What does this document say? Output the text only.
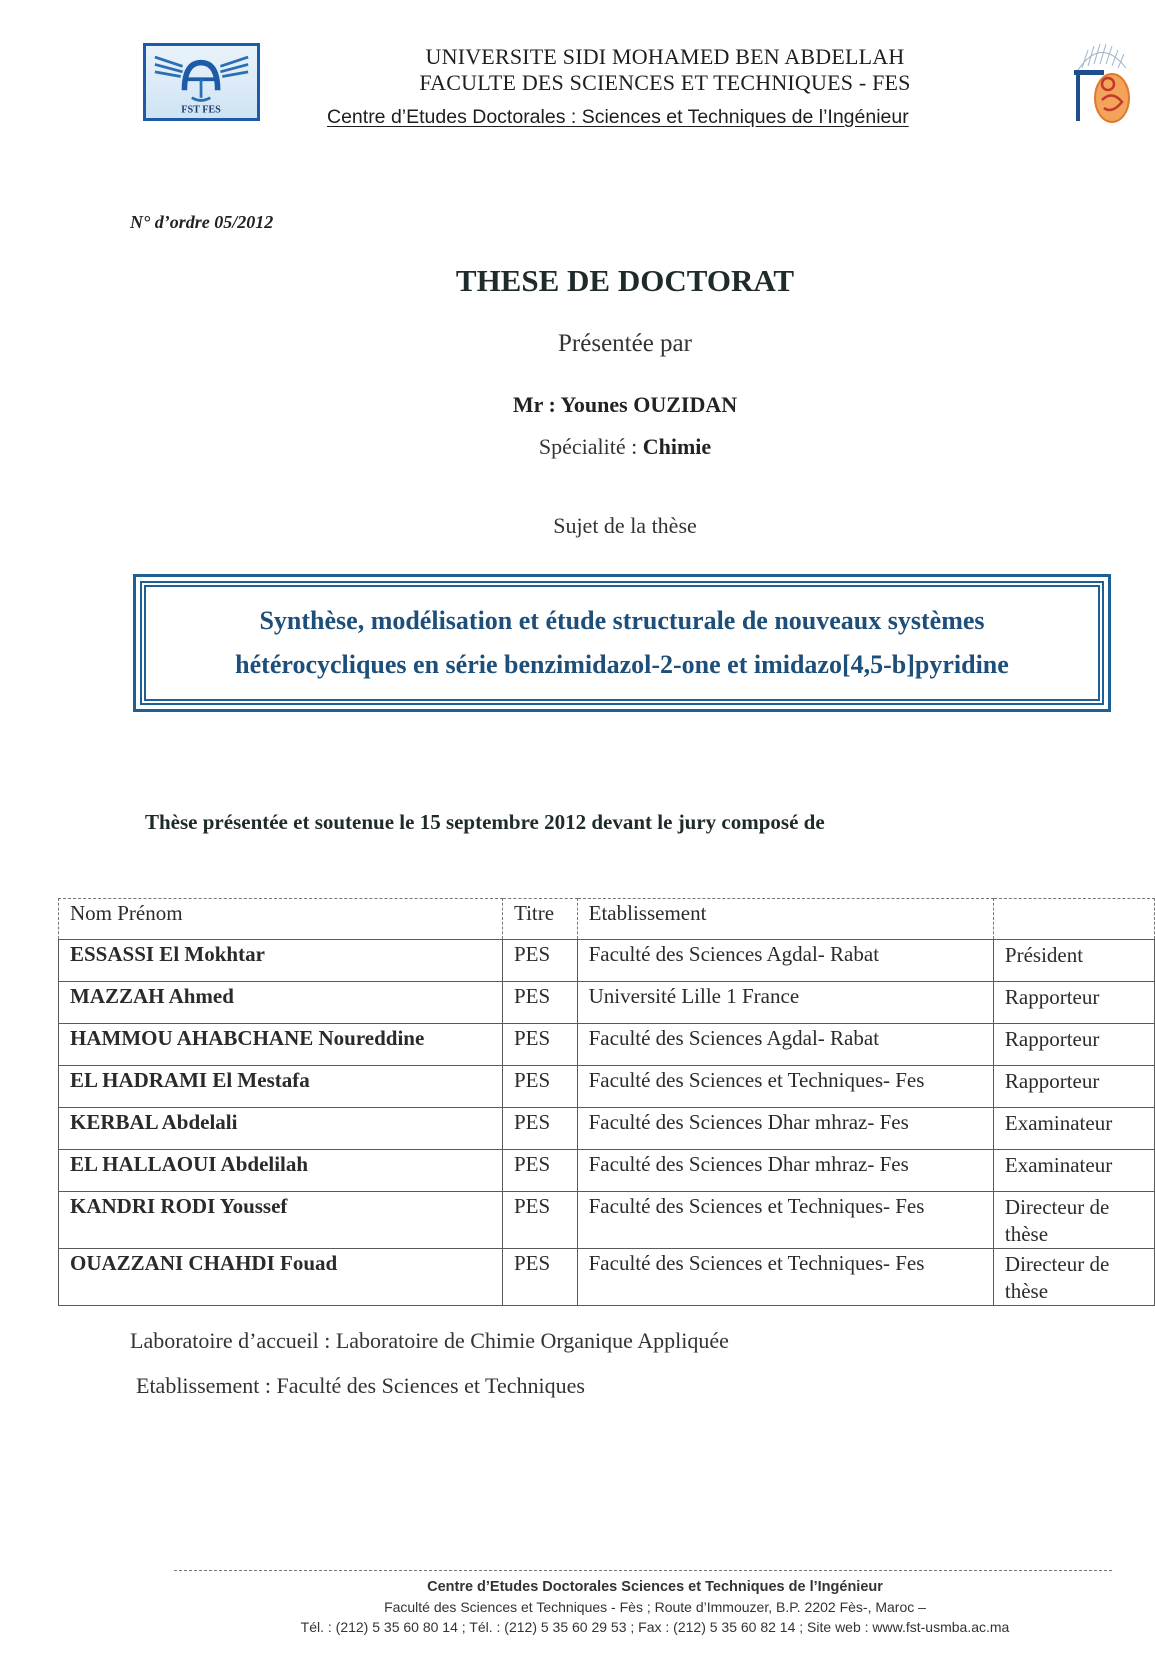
FST FES
UNIVERSITE SIDI MOHAMED BEN ABDELLAH
FACULTE DES SCIENCES ET TECHNIQUES - FES
Centre d’Etudes Doctorales : Sciences et Techniques de l’Ingénieur
N° d’ordre 05/2012
THESE DE DOCTORAT
Présentée par
Mr : Younes OUZIDAN
Spécialité : Chimie
Sujet de la thèse
Synthèse, modélisation et étude structurale de nouveaux systèmes
hétérocycliques en série benzimidazol-2-one et imidazo[4,5-b]pyridine
Thèse présentée et soutenue le 15 septembre 2012 devant le jury composé de
Nom Prénom	Titre	Etablissement	
ESSASSI El Mokhtar	PES	Faculté des Sciences Agdal- Rabat	Président
MAZZAH Ahmed	PES	Université Lille 1 France	Rapporteur
HAMMOU AHABCHANE Noureddine	PES	Faculté des Sciences Agdal- Rabat	Rapporteur
EL HADRAMI El Mestafa	PES	Faculté des Sciences et Techniques- Fes	Rapporteur
KERBAL Abdelali	PES	Faculté des Sciences Dhar mhraz- Fes	Examinateur
EL HALLAOUI Abdelilah	PES	Faculté des Sciences Dhar mhraz- Fes	Examinateur
KANDRI RODI Youssef	PES	Faculté des Sciences et Techniques- Fes	Directeur de thèse
OUAZZANI CHAHDI Fouad	PES	Faculté des Sciences et Techniques- Fes	Directeur de thèse
Laboratoire d’accueil : Laboratoire de Chimie Organique Appliquée
Etablissement : Faculté des Sciences et Techniques
Centre d’Etudes Doctorales Sciences et Techniques de l’Ingénieur
Faculté des Sciences et Techniques - Fès ; Route d’Immouzer, B.P. 2202 Fès-, Maroc –
Tél. : (212) 5 35 60 80 14 ; Tél. : (212) 5 35 60 29 53 ; Fax : (212) 5 35 60 82 14 ; Site web : www.fst-usmba.ac.ma
